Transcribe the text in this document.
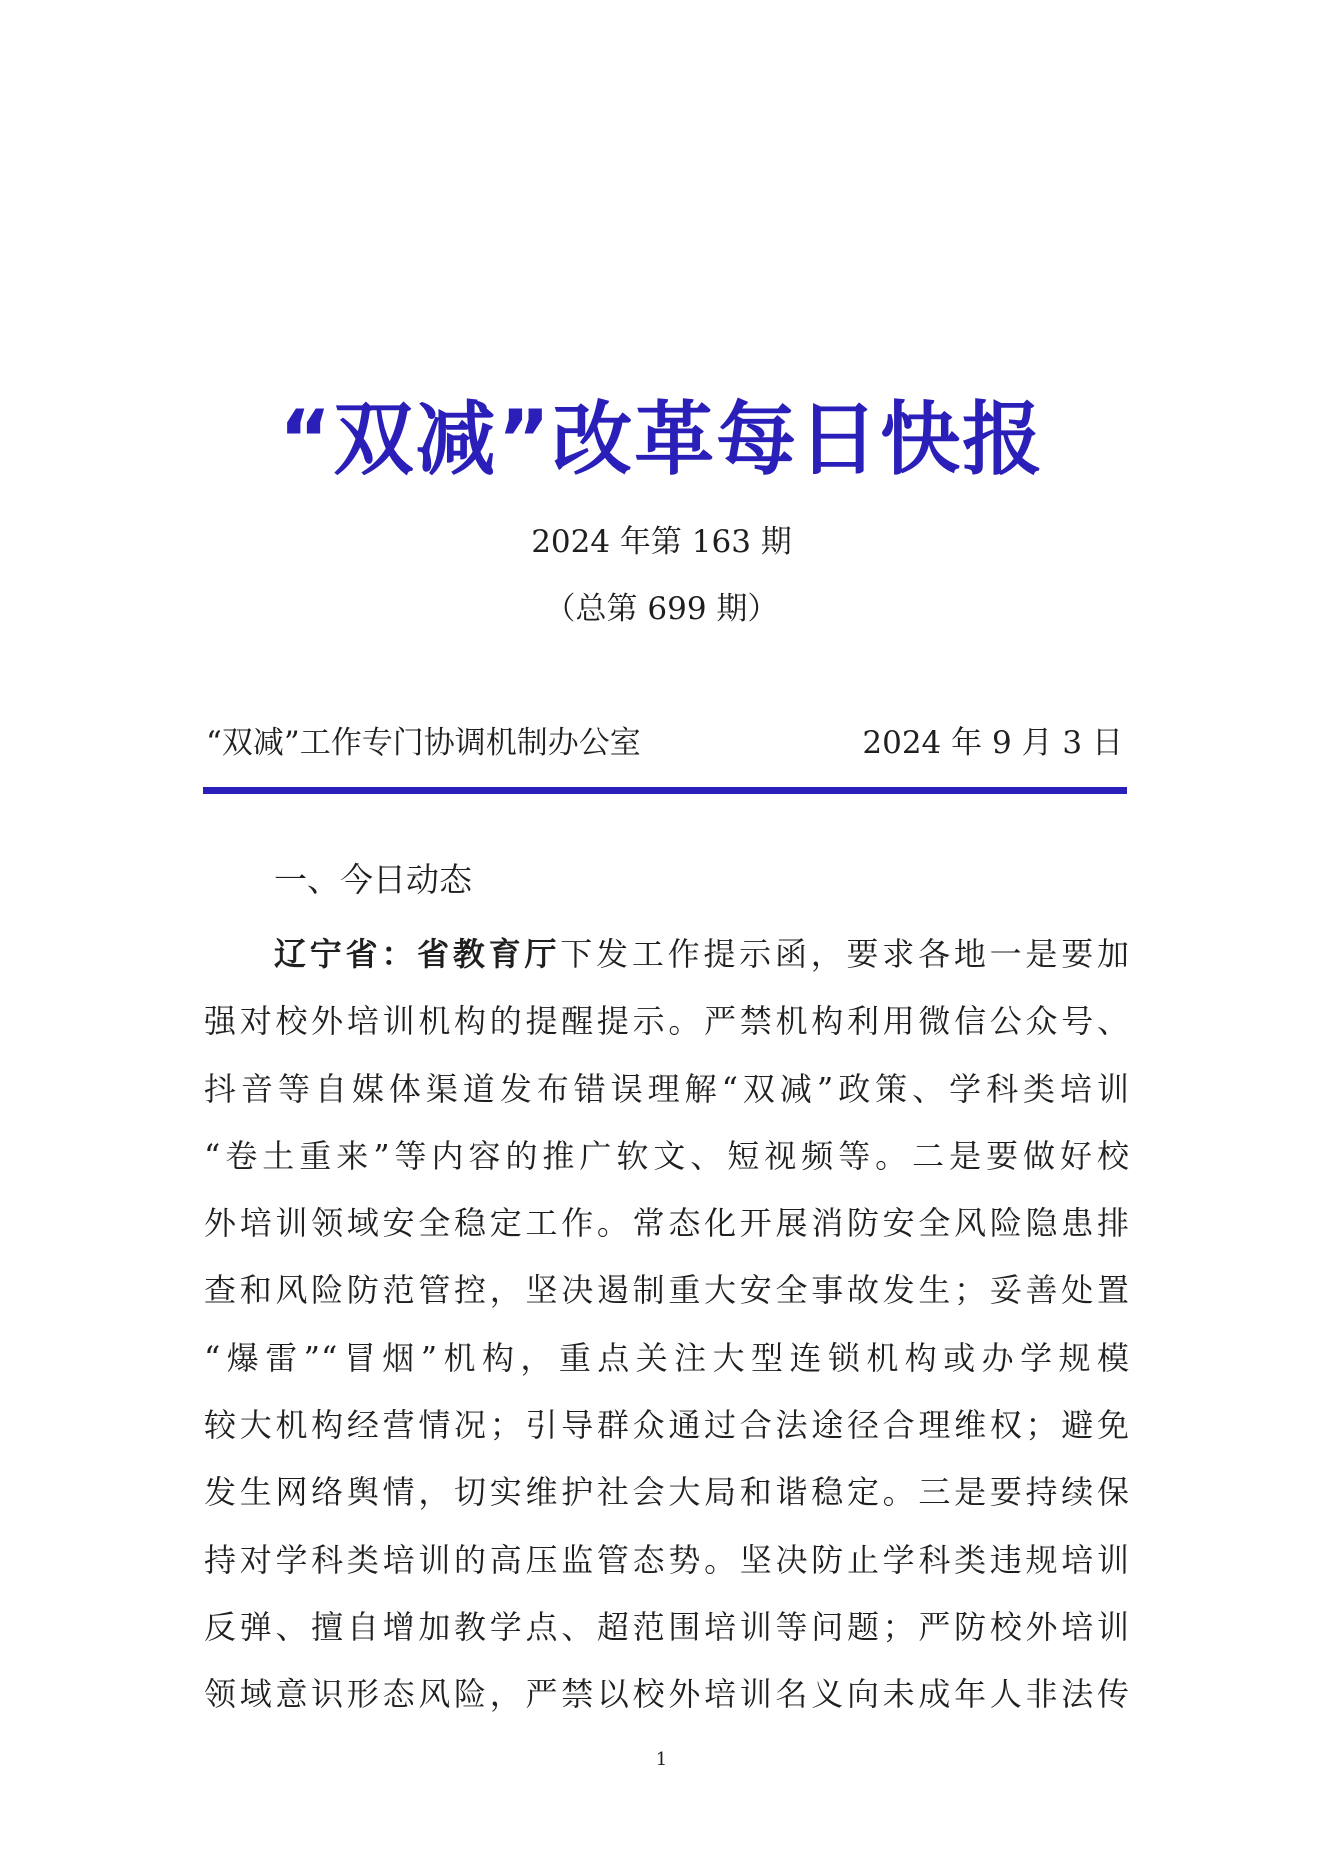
“双减”改革每日快报
2024 年第 163 期
（总第 699 期）
“双减”工作专门协调机制办公室	2024 年 9 月 3 日
一、今日动态
辽宁省：省教育厅下发工作提示函，要求各地一是要加
强对校外培训机构的提醒提示。严禁机构利用微信公众号、
抖音等自媒体渠道发布错误理解“双减”政策、学科类培训
“卷土重来”等内容的推广软文、短视频等。二是要做好校
外培训领域安全稳定工作。常态化开展消防安全风险隐患排
查和风险防范管控，坚决遏制重大安全事故发生；妥善处置
“爆雷”“冒烟”机构，重点关注大型连锁机构或办学规模
较大机构经营情况；引导群众通过合法途径合理维权；避免
发生网络舆情，切实维护社会大局和谐稳定。三是要持续保
持对学科类培训的高压监管态势。坚决防止学科类违规培训
反弹、擅自增加教学点、超范围培训等问题；严防校外培训
领域意识形态风险，严禁以校外培训名义向未成年人非法传
1
